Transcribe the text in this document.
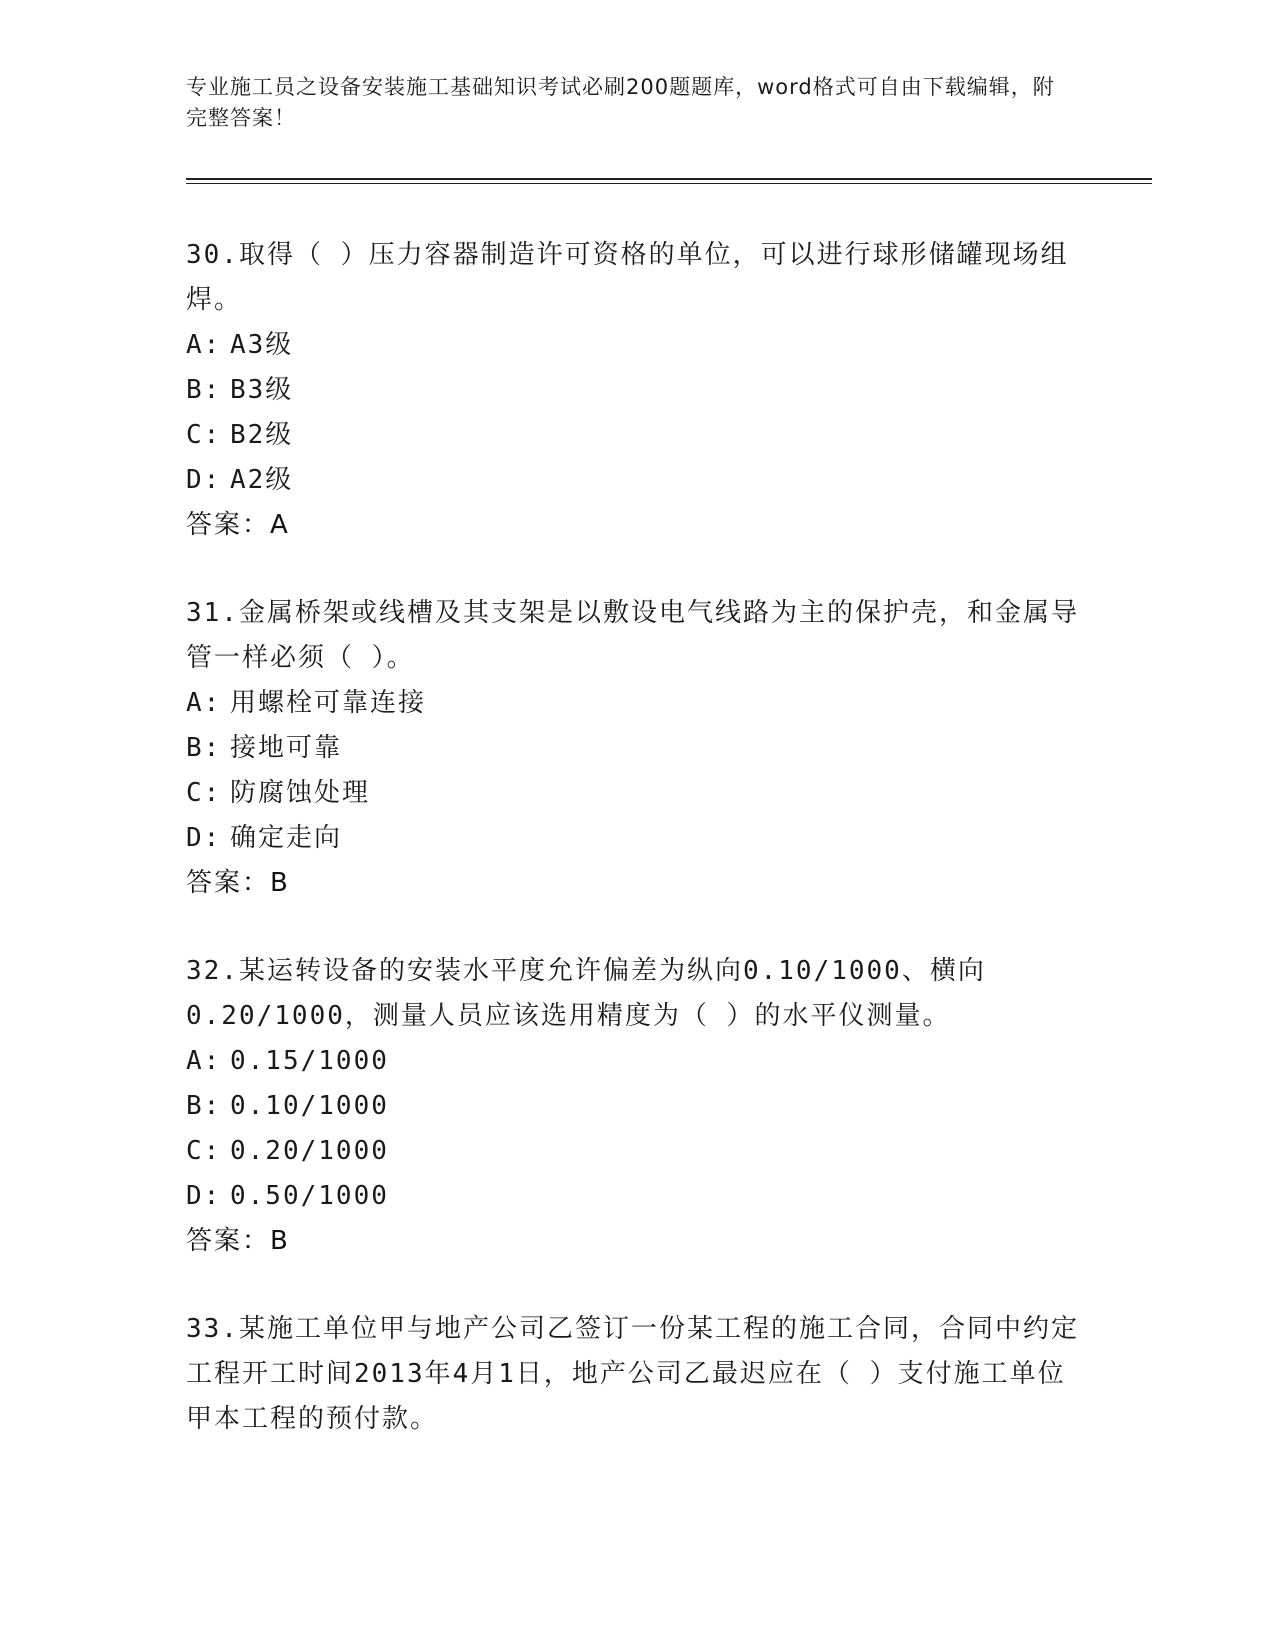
专业施工员之设备安装施工基础知识考试必刷200题题库，word格式可自由下载编辑，附完整答案！

30.取得（ ）压力容器制造许可资格的单位，可以进行球形储罐现场组焊。

A: A3级

B: B3级

C: B2级

D: A2级

答案：A

31.金属桥架或线槽及其支架是以敷设电气线路为主的保护壳，和金属导管一样必须（ ）。

A: 用螺栓可靠连接

B: 接地可靠

C: 防腐蚀处理

D: 确定走向

答案：B

32.某运转设备的安装水平度允许偏差为纵向0.10/1000、横向0.20/1000，测量人员应该选用精度为（ ）的水平仪测量。

A: 0.15/1000

B: 0.10/1000

C: 0.20/1000

D: 0.50/1000

答案：B

33.某施工单位甲与地产公司乙签订一份某工程的施工合同，合同中约定工程开工时间2013年4月1日，地产公司乙最迟应在（ ）支付施工单位甲本工程的预付款。
